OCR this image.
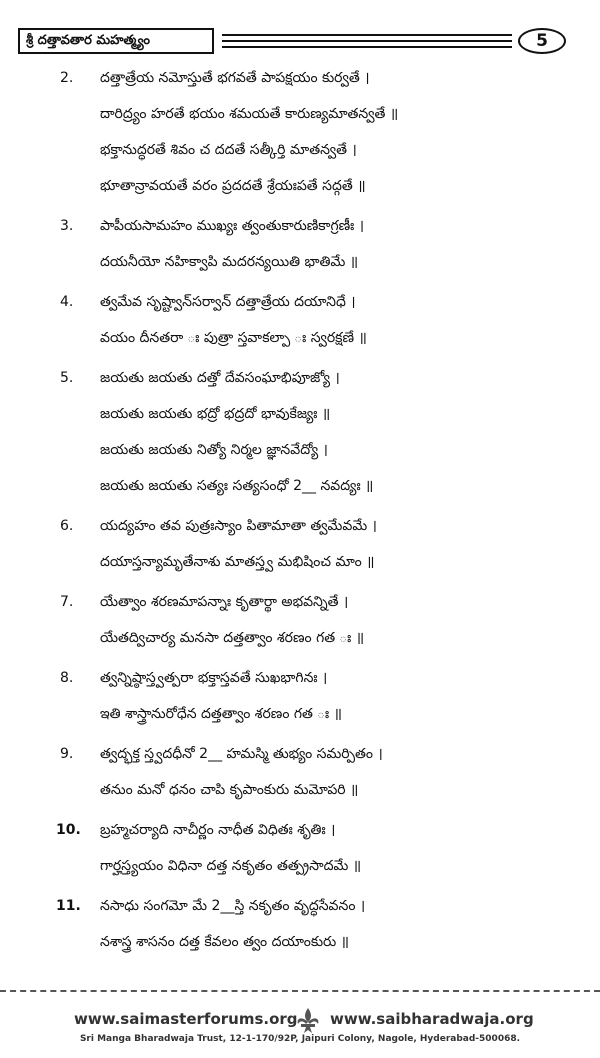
శ్రీ దత్తావతార మహత్మ్యం	5
2.	దత్తాత్రేయ నమోస్తుతే భగవతే పాపక్షయం కుర్వతే ।
దారిద్ర్యం హరతే భయం శమయతే కారుణ్యమాతన్వతే ॥
భక్తానుద్ధరతే శివం చ దదతే సత్కీర్తి మాతన్వతే ।
భూతాన్రావయతే వరం ప్రదదతే శ్రేయఃపతే సద్గతే ॥
3.	పాపీయసామహం ముఖ్యః త్వంతుకారుణికాగ్రణీః ।
దయనీయో నహిక్వాపి మదరన్యయితి భాతిమే ॥
4.	త్వమేవ సృష్ట్వాన్‌సర్వాన్ దత్తాత్రేయ దయానిధే ।
వయం దీనతరా ః పుత్రా స్తవాకల్పా ః స్వరక్షణే ॥
5.	జయతు జయతు దత్తో దేవసంఘాభిపూజ్యో ।
జయతు జయతు భద్రో భద్రదో భావుకేజ్యః ॥
జయతు జయతు నిత్యో నిర్మల జ్ఞానవేద్యో ।
జయతు జయతు సత్యః సత్యసంధో 2__ నవద్యః ॥
6.	యద్యహం తవ పుత్రఃస్యాం పితామాతా త్వమేవమే ।
దయాస్తన్యామృతేనాశు మాతస్త్వ మభిషించ మాం ॥
7.	యేత్వాం శరణమాపన్నాః కృతార్థా అభవన్నితే ।
యేతద్విచార్య మనసా దత్తత్వాం శరణం గత ః ॥
8.	త్వన్నిష్ఠాస్త్వత్పరా భక్తాస్తవతే సుఖభాగినః ।
ఇతి శాస్త్రానురోధేన దత్తత్వాం శరణం గత ః ॥
9.	త్వద్భక్త స్త్వదధీనో 2__ హమస్మి తుభ్యం సమర్పితం ।
తనుం మనో ధనం చాపి కృపాంకురు మమోపరి ॥
10.	బ్రహ్మచర్యాది నాచీర్ణం నాధీత విధితః శృతిః ।
గార్హస్త్యయం విధినా దత్త నకృతం తత్ప్రసాదమే ॥
11.	నసాధు సంగమో మే 2__స్తి నకృతం వృద్ధసేవనం ।
నశాస్త్ర శాసనం దత్త కేవలం త్వం దయాంకురు ॥
www.saimasterforums.org www.saibharadwaja.org
Sri Manga Bharadwaja Trust, 12-1-170/92P, Jaipuri Colony, Nagole, Hyderabad-500068.
